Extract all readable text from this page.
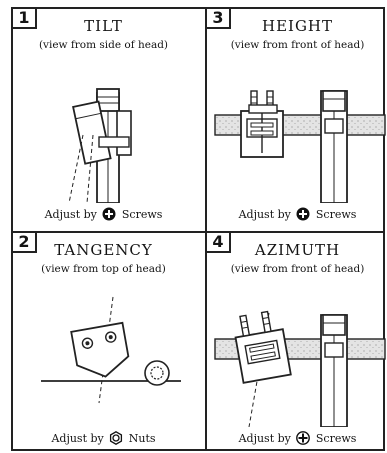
1	TILT
(view from side of head)
Adjust by Screws
3	HEIGHT
(view from front of head)
Adjust by Screws
2	TANGENCY
(view from top of head)
Adjust by Nuts
4	AZIMUTH
(view from front of head)
Adjust by Screws
